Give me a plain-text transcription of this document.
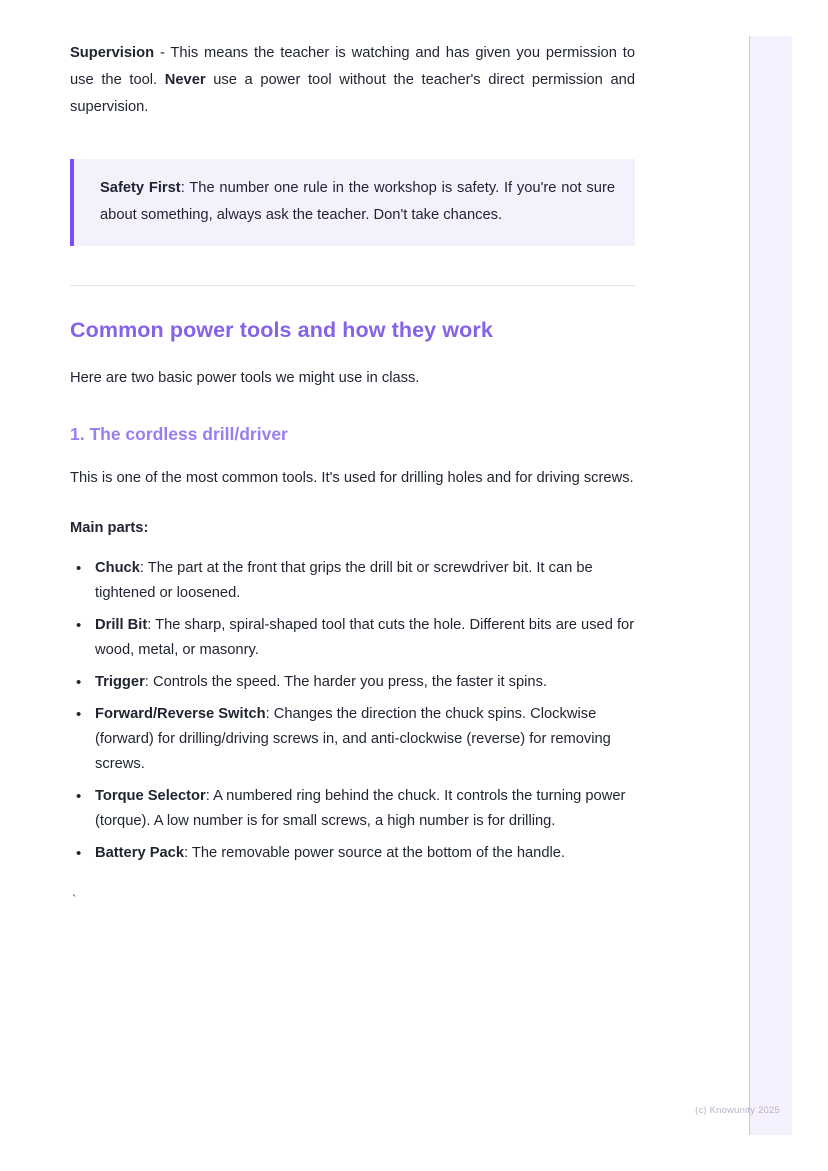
Supervision - This means the teacher is watching and has given you permission to use the tool. Never use a power tool without the teacher's direct permission and supervision.

Safety First: The number one rule in the workshop is safety. If you're not sure about something, always ask the teacher. Don't take chances.

Common power tools and how they work

Here are two basic power tools we might use in class.

1. The cordless drill/driver

This is one of the most common tools. It's used for drilling holes and for driving screws.

Main parts:

• Chuck: The part at the front that grips the drill bit or screwdriver bit. It can be tightened or loosened.
• Drill Bit: The sharp, spiral-shaped tool that cuts the hole. Different bits are used for wood, metal, or masonry.
• Trigger: Controls the speed. The harder you press, the faster it spins.
• Forward/Reverse Switch: Changes the direction the chuck spins. Clockwise (forward) for drilling/driving screws in, and anti-clockwise (reverse) for removing screws.
• Torque Selector: A numbered ring behind the chuck. It controls the turning power (torque). A low number is for small screws, a high number is for drilling.
• Battery Pack: The removable power source at the bottom of the handle.
`
(c) Knowunity 2025
